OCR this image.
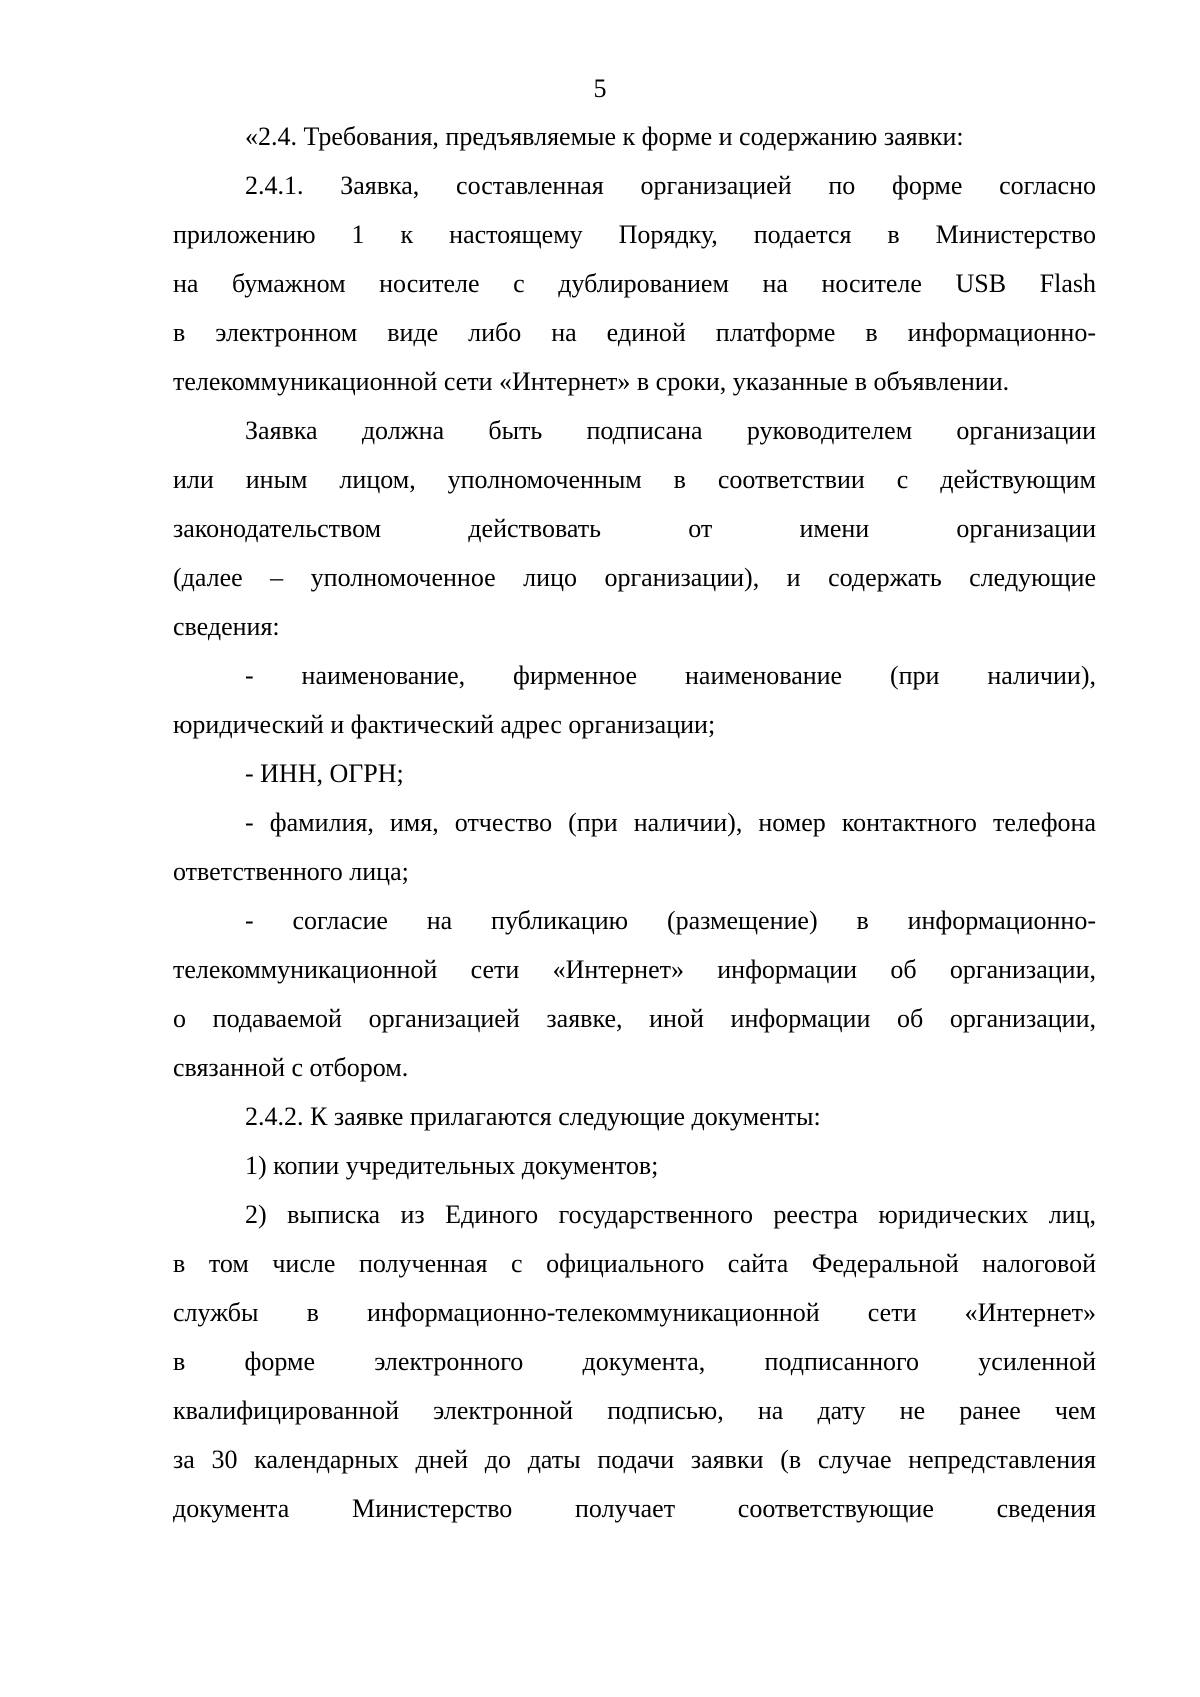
5
«2.4. Требования, предъявляемые к форме и содержанию заявки:
2.4.1. Заявка, составленная организацией по форме согласно
приложению 1 к настоящему Порядку, подается в Министерство
на бумажном носителе с дублированием на носителе USB Flash
в электронном виде либо на единой платформе в информационно-
телекоммуникационной сети «Интернет» в сроки, указанные в объявлении.
Заявка должна быть подписана руководителем организации
или иным лицом, уполномоченным в соответствии с действующим
законодательством действовать от имени организации
(далее – уполномоченное лицо организации), и содержать следующие
сведения:
- наименование, фирменное наименование (при наличии),
юридический и фактический адрес организации;
- ИНН, ОГРН;
- фамилия, имя, отчество (при наличии), номер контактного телефона
ответственного лица;
- согласие на публикацию (размещение) в информационно-
телекоммуникационной сети «Интернет» информации об организации,
о подаваемой организацией заявке, иной информации об организации,
связанной с отбором.
2.4.2. К заявке прилагаются следующие документы:
1) копии учредительных документов;
2) выписка из Единого государственного реестра юридических лиц,
в том числе полученная с официального сайта Федеральной налоговой
службы в информационно-телекоммуникационной сети «Интернет»
в форме электронного документа, подписанного усиленной
квалифицированной электронной подписью, на дату не ранее чем
за 30 календарных дней до даты подачи заявки (в случае непредставления
документа Министерство получает соответствующие сведения
